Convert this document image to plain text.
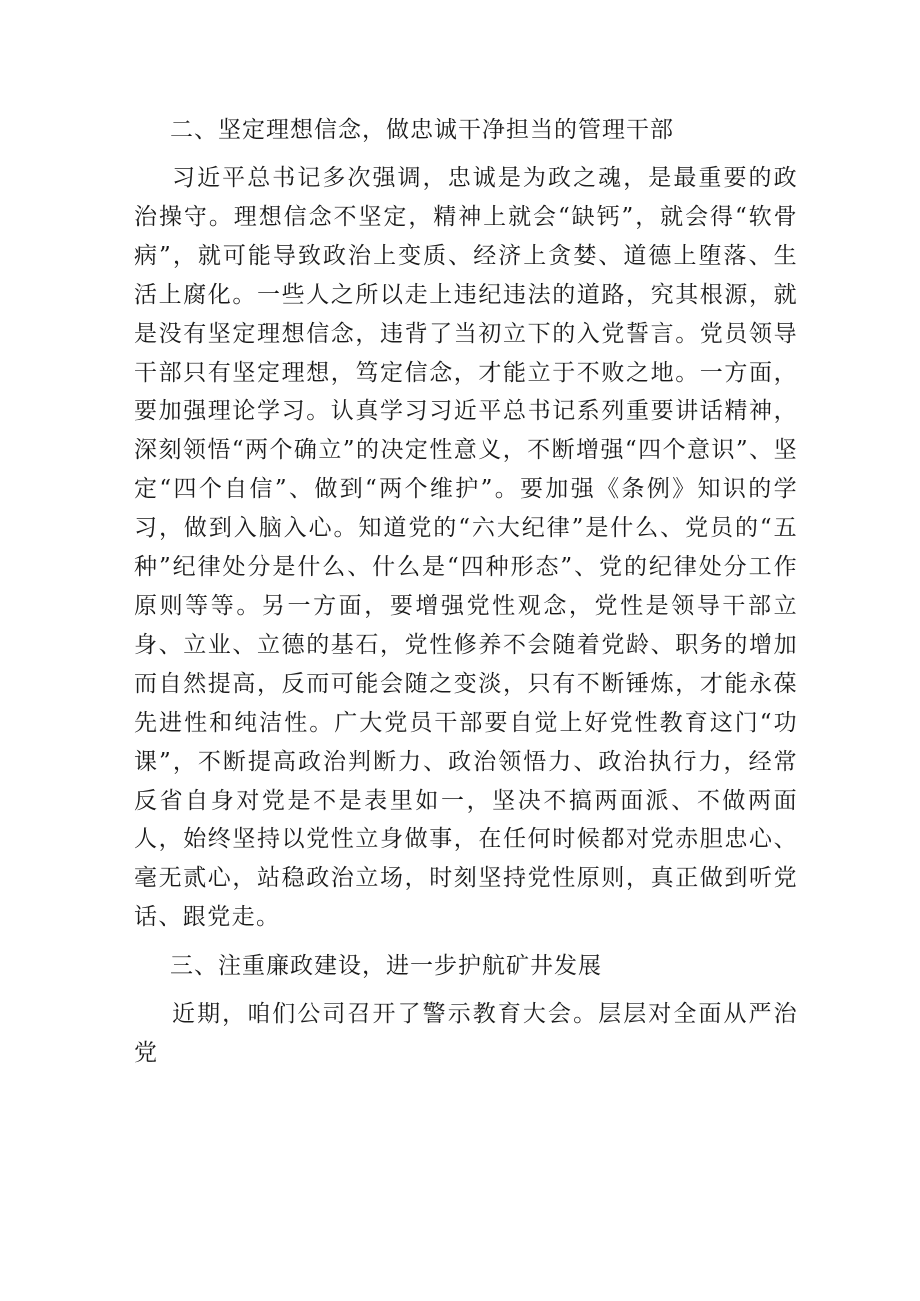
二、坚定理想信念，做忠诚干净担当的管理干部

习近平总书记多次强调，忠诚是为政之魂，是最重要的政治操守。理想信念不坚定，精神上就会“缺钙”，就会得“软骨病”，就可能导致政治上变质、经济上贪婪、道德上堕落、生活上腐化。一些人之所以走上违纪违法的道路，究其根源，就是没有坚定理想信念，违背了当初立下的入党誓言。党员领导干部只有坚定理想，笃定信念，才能立于不败之地。一方面，要加强理论学习。认真学习习近平总书记系列重要讲话精神，深刻领悟“两个确立”的决定性意义，不断增强“四个意识”、坚定“四个自信”、做到“两个维护”。要加强《条例》知识的学习，做到入脑入心。知道党的“六大纪律”是什么、党员的“五种”纪律处分是什么、什么是“四种形态”、党的纪律处分工作原则等等。另一方面，要增强党性观念，党性是领导干部立身、立业、立德的基石，党性修养不会随着党龄、职务的增加而自然提高，反而可能会随之变淡，只有不断锤炼，才能永葆先进性和纯洁性。广大党员干部要自觉上好党性教育这门“功课”，不断提高政治判断力、政治领悟力、政治执行力，经常反省自身对党是不是表里如一，坚决不搞两面派、不做两面人，始终坚持以党性立身做事，在任何时候都对党赤胆忠心、毫无贰心，站稳政治立场，时刻坚持党性原则，真正做到听党话、跟党走。

三、注重廉政建设，进一步护航矿井发展

近期，咱们公司召开了警示教育大会。层层对全面从严治党
